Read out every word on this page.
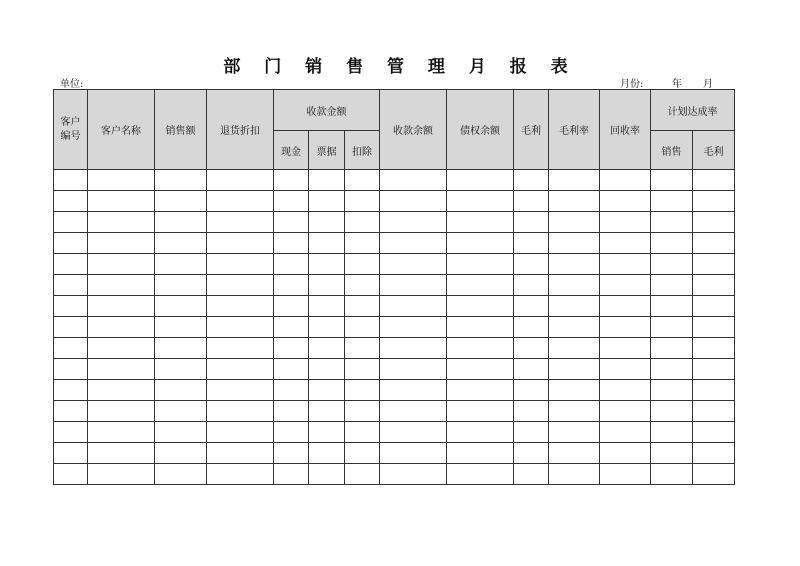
部 门 销 售 管 理 月 报 表
单位:	月份:	年 月
客户
编号	客户名称	销售额	退货折扣	收款金额			收款余额	债权余额	毛利	毛利率	回收率	计划达成率	
				现金	票据	扣除						销售	毛利
